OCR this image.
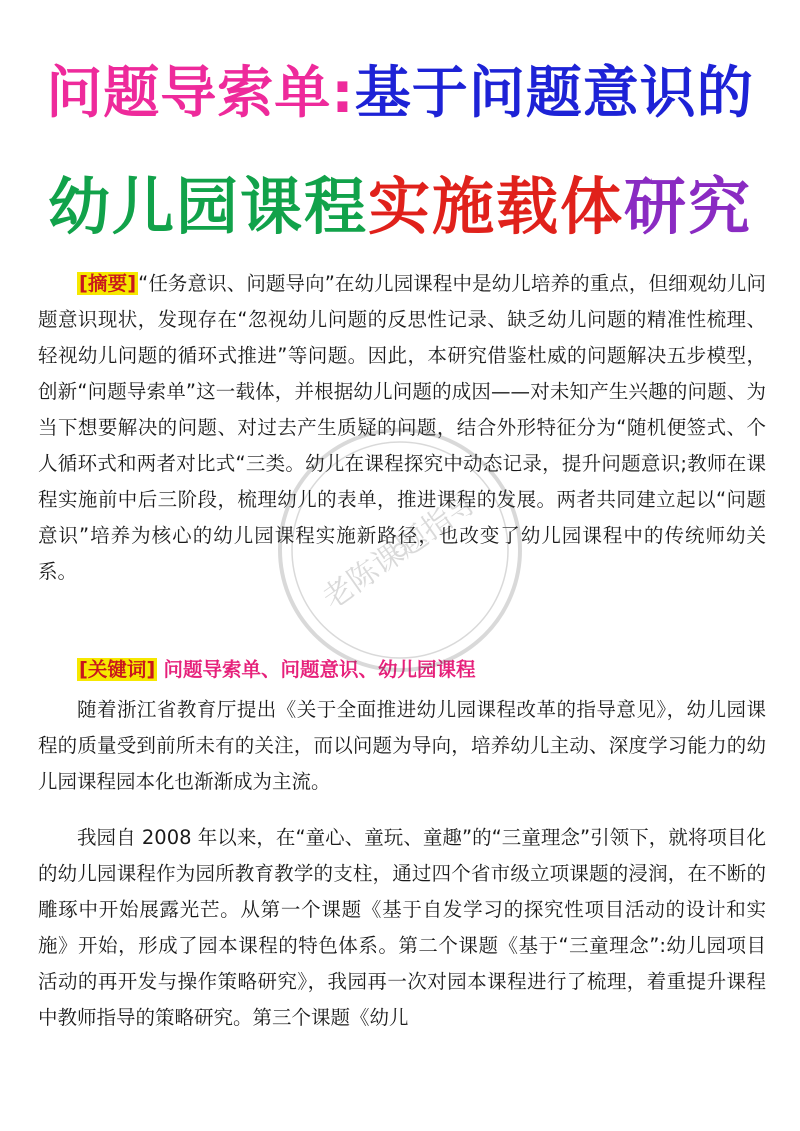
问题导索单:基于问题意识的
幼儿园课程实施载体研究

[摘要] “任务意识、问题导向”在幼儿园课程中是幼儿培养的重点，但细观幼儿问题意识现状，发现存在“忽视幼儿问题的反思性记录、缺乏幼儿问题的精准性梳理、轻视幼儿问题的循环式推进”等问题。因此，本研究借鉴杜威的问题解决五步模型，创新“问题导索单”这一载体，并根据幼儿问题的成因——对未知产生兴趣的问题、为当下想要解决的问题、对过去产生质疑的问题，结合外形特征分为“随机便签式、个人循环式和两者对比式“三类。幼儿在课程探究中动态记录，提升问题意识;教师在课程实施前中后三阶段，梳理幼儿的表单，推进课程的发展。两者共同建立起以“问题意识”培养为核心的幼儿园课程实施新路径，也改变了幼儿园课程中的传统师幼关系。

[关键词] 问题导索单、问题意识、幼儿园课程

随着浙江省教育厅提出《关于全面推进幼儿园课程改革的指导意见》，幼儿园课程的质量受到前所未有的关注，而以问题为导向，培养幼儿主动、深度学习能力的幼儿园课程园本化也渐渐成为主流。

我园自 2008 年以来，在“童心、童玩、童趣”的“三童理念”引领下，就将项目化的幼儿园课程作为园所教育教学的支柱，通过四个省市级立项课题的浸润，在不断的雕琢中开始展露光芒。从第一个课题《基于自发学习的探究性项目活动的设计和实施》开始，形成了园本课程的特色体系。第二个课题《基于“三童理念”:幼儿园项目活动的再开发与操作策略研究》，我园再一次对园本课程进行了梳理，着重提升课程中教师指导的策略研究。第三个课题《幼儿

老陈课题指导
